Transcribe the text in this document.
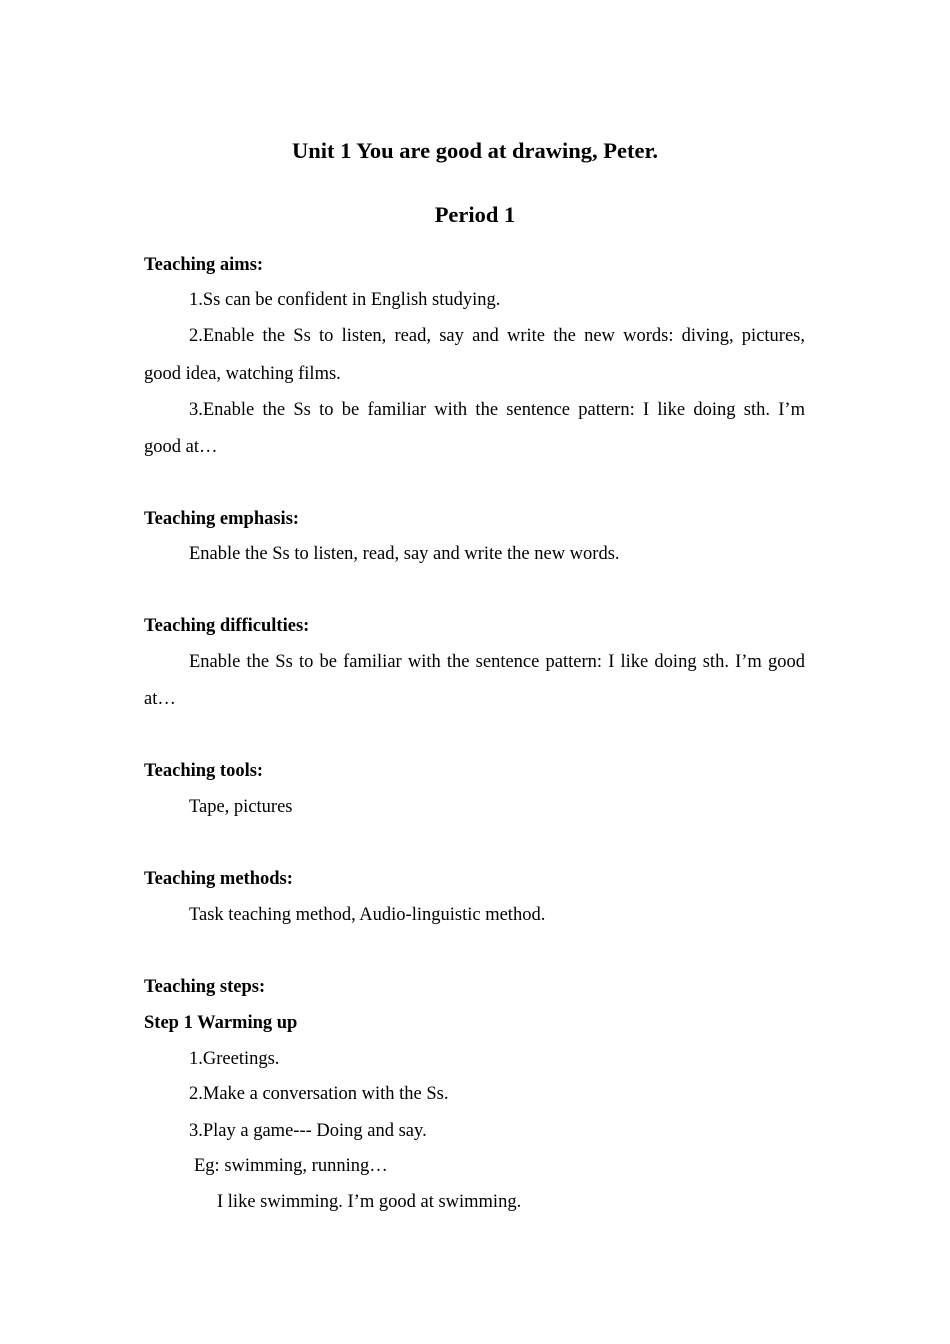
Unit 1 You are good at drawing, Peter.
Period 1
Teaching aims:
1.Ss can be confident in English studying.
2.Enable the Ss to listen, read, say and write the new words: diving, pictures,
good idea, watching films.
3.Enable the Ss to be familiar with the sentence pattern: I like doing sth. I’m
good at…
Teaching emphasis:
Enable the Ss to listen, read, say and write the new words.
Teaching difficulties:
Enable the Ss to be familiar with the sentence pattern: I like doing sth. I’m good
at…
Teaching tools:
Tape, pictures
Teaching methods:
Task teaching method, Audio-linguistic method.
Teaching steps:
Step 1 Warming up
1.Greetings.
2.Make a conversation with the Ss.
3.Play a game--- Doing and say.
Eg: swimming, running…
I like swimming. I’m good at swimming.
